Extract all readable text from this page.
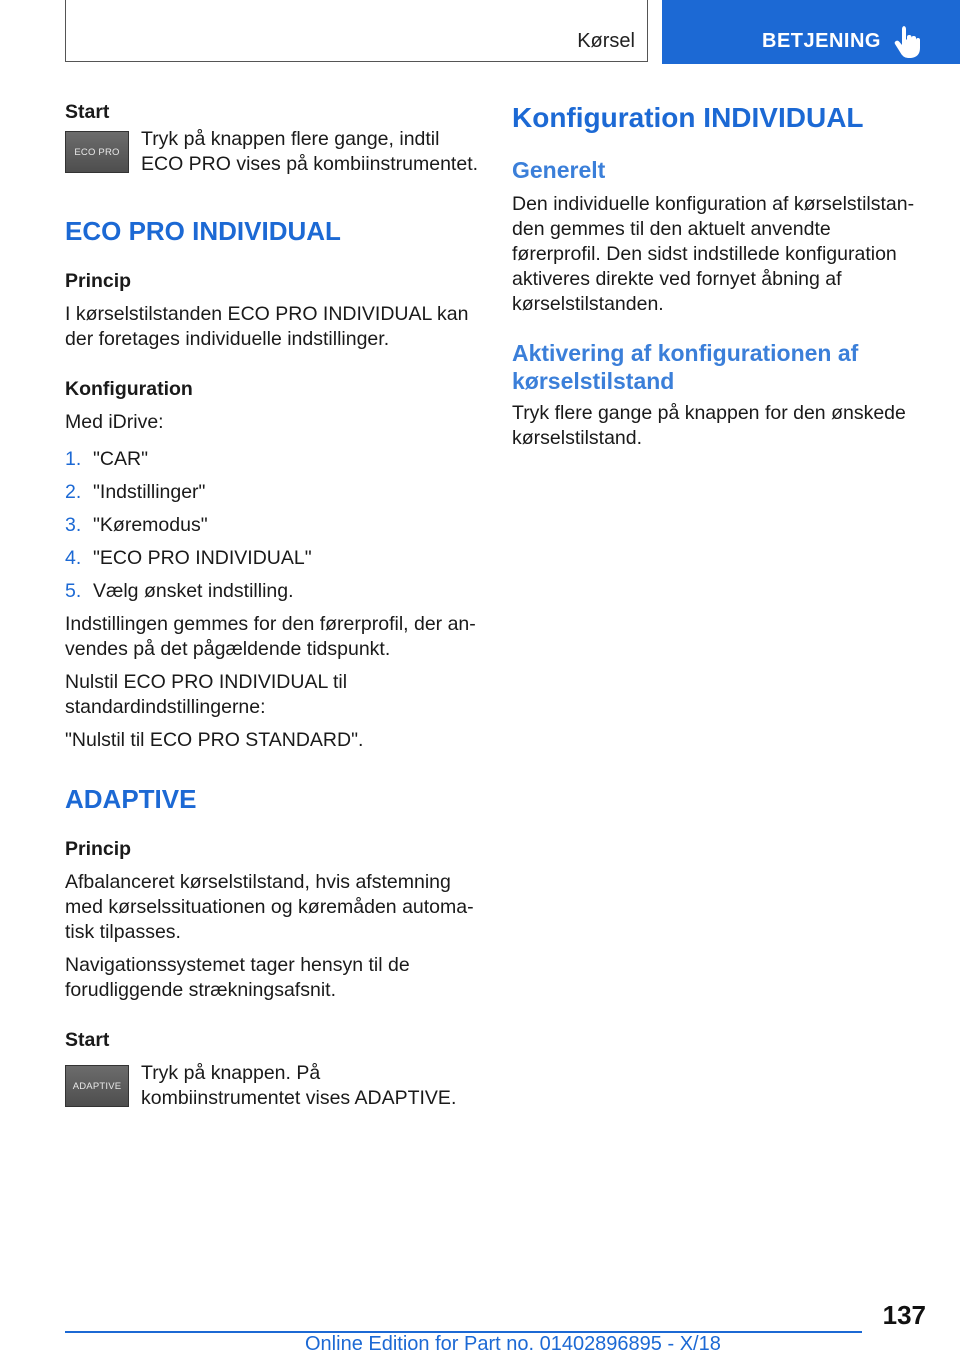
Kørsel	BETJENING

Start

ECO PRO

Tryk på knappen flere gange, indtil ECO PRO vises på kombiinstrumentet.

ECO PRO INDIVIDUAL

Princip

I kørselstilstanden ECO PRO INDIVIDUAL kan der foretages individuelle indstillinger.

Konfiguration

Med iDrive:

1. "CAR"
2. "Indstillinger"
3. "Køremodus"
4. "ECO PRO INDIVIDUAL"
5. Vælg ønsket indstilling.

Indstillingen gemmes for den førerprofil, der anvendes på det pågældende tidspunkt.

Nulstil ECO PRO INDIVIDUAL til standardindstillingerne:

"Nulstil til ECO PRO STANDARD".

ADAPTIVE

Princip

Afbalanceret kørselstilstand, hvis afstemning med kørselssituationen og køremåden automatisk tilpasses.

Navigationssystemet tager hensyn til de forudliggende strækningsafsnit.

Start

ADAPTIVE

Tryk på knappen. På kombiinstrumentet vises ADAPTIVE.

Konfiguration INDIVIDUAL
Generelt

Den individuelle konfiguration af kørselstilstanden gemmes til den aktuelt anvendte førerprofil. Den sidst indstillede konfiguration aktiveres direkte ved fornyet åbning af kørselstilstanden.

Aktivering af konfigurationen af kørselstilstand

Tryk flere gange på knappen for den ønskede kørselstilstand.

137
Online Edition for Part no. 01402896895 - X/18
